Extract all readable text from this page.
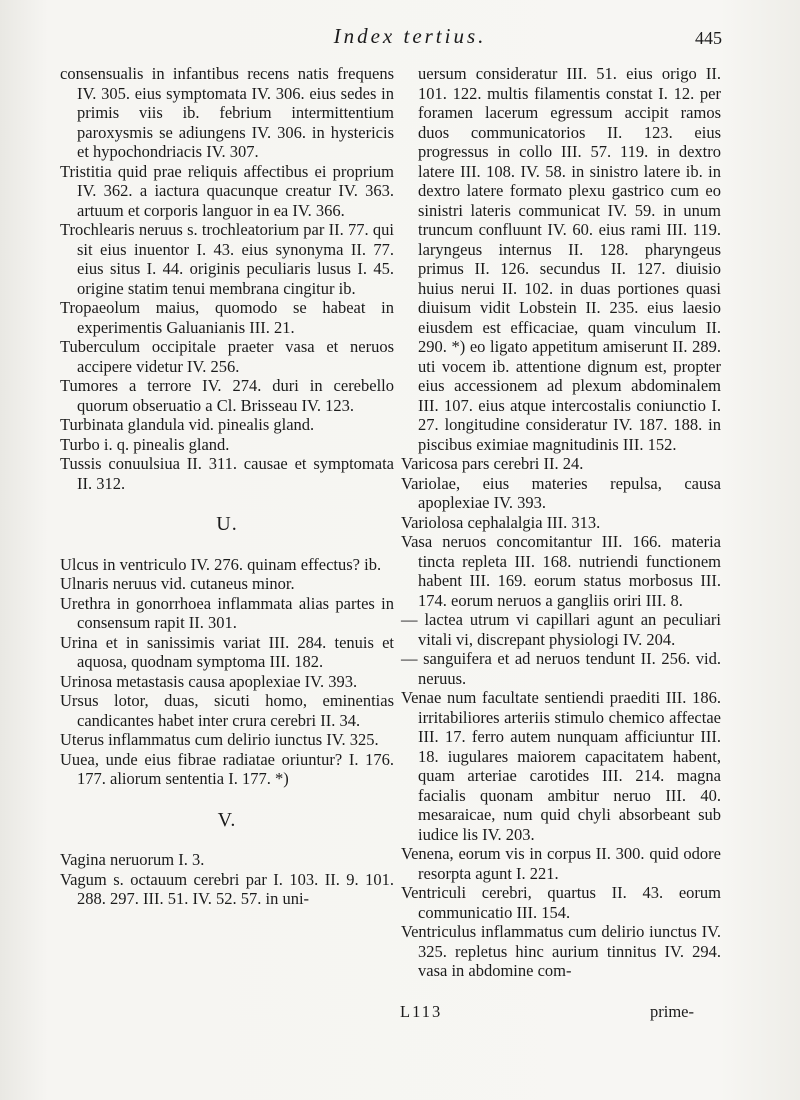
Index tertius.	445

consensualis in infantibus recens natis frequens IV. 305. eius symptomata IV. 306. eius sedes in primis viis ib. febrium intermittentium paroxysmis se adiungens IV. 306. in hystericis et hypochondriacis IV. 307.

Tristitia quid prae reliquis affectibus ei proprium IV. 362. a iactura quacunque creatur IV. 363. artuum et corporis languor in ea IV. 366.

Trochlearis neruus s. trochleatorium par II. 77. qui sit eius inuentor I. 43. eius synonyma II. 77. eius situs I. 44. originis peculiaris lusus I. 45. origine statim tenui membrana cingitur ib.

Tropaeolum maius, quomodo se habeat in experimentis Galuanianis III. 21.

Tuberculum occipitale praeter vasa et neruos accipere videtur IV. 256.

Tumores a terrore IV. 274. duri in cerebello quorum obseruatio a Cl. Brisseau IV. 123.

Turbinata glandula vid. pinealis gland.

Turbo i. q. pinealis gland.

Tussis conuulsiua II. 311. causae et symptomata II. 312.

U.

Ulcus in ventriculo IV. 276. quinam effectus? ib.

Ulnaris neruus vid. cutaneus minor.

Urethra in gonorrhoea inflammata alias partes in consensum rapit II. 301.

Urina et in sanissimis variat III. 284. tenuis et aquosa, quodnam symptoma III. 182.

Urinosa metastasis causa apoplexiae IV. 393.

Ursus lotor, duas, sicuti homo, eminentias candicantes habet inter crura cerebri II. 34.

Uterus inflammatus cum delirio iunctus IV. 325.

Uuea, unde eius fibrae radiatae oriuntur? I. 176. 177. aliorum sententia I. 177. *)

V.

Vagina neruorum I. 3.

Vagum s. octauum cerebri par I. 103. II. 9. 101. 288. 297. III. 51. IV. 52. 57. in uni-

uersum consideratur III. 51. eius origo II. 101. 122. multis filamentis constat I. 12. per foramen lacerum egressum accipit ramos duos communicatorios II. 123. eius progressus in collo III. 57. 119. in dextro latere III. 108. IV. 58. in sinistro latere ib. in dextro latere formato plexu gastrico cum eo sinistri lateris communicat IV. 59. in unum truncum confluunt IV. 60. eius rami III. 119. laryngeus internus II. 128. pharyngeus primus II. 126. secundus II. 127. diuisio huius nerui II. 102. in duas portiones quasi diuisum vidit Lobstein II. 235. eius laesio eiusdem est efficaciae, quam vinculum II. 290. *) eo ligato appetitum amiserunt II. 289. uti vocem ib. attentione dignum est, propter eius accessionem ad plexum abdominalem III. 107. eius atque intercostalis coniunctio I. 27. longitudine consideratur IV. 187. 188. in piscibus eximiae magnitudinis III. 152.

Varicosa pars cerebri II. 24.

Variolae, eius materies repulsa, causa apoplexiae IV. 393.

Variolosa cephalalgia III. 313.

Vasa neruos concomitantur III. 166. materia tincta repleta III. 168. nutriendi functionem habent III. 169. eorum status morbosus III. 174. eorum neruos a gangliis oriri III. 8.

— lactea utrum vi capillari agunt an peculiari vitali vi, discrepant physiologi IV. 204.

— sanguifera et ad neruos tendunt II. 256. vid. neruus.

Venae num facultate sentiendi praediti III. 186. irritabiliores arteriis stimulo chemico affectae III. 17. ferro autem nunquam afficiuntur III. 18. iugulares maiorem capacitatem habent, quam arteriae carotides III. 214. magna facialis quonam ambitur neruo III. 40. mesaraicae, num quid chyli absorbeant sub iudice lis IV. 203.

Venena, eorum vis in corpus II. 300. quid odore resorpta agunt I. 221.

Ventriculi cerebri, quartus II. 43. eorum communicatio III. 154.

Ventriculus inflammatus cum delirio iunctus IV. 325. repletus hinc aurium tinnitus IV. 294. vasa in abdomine com-

L113	prime-
